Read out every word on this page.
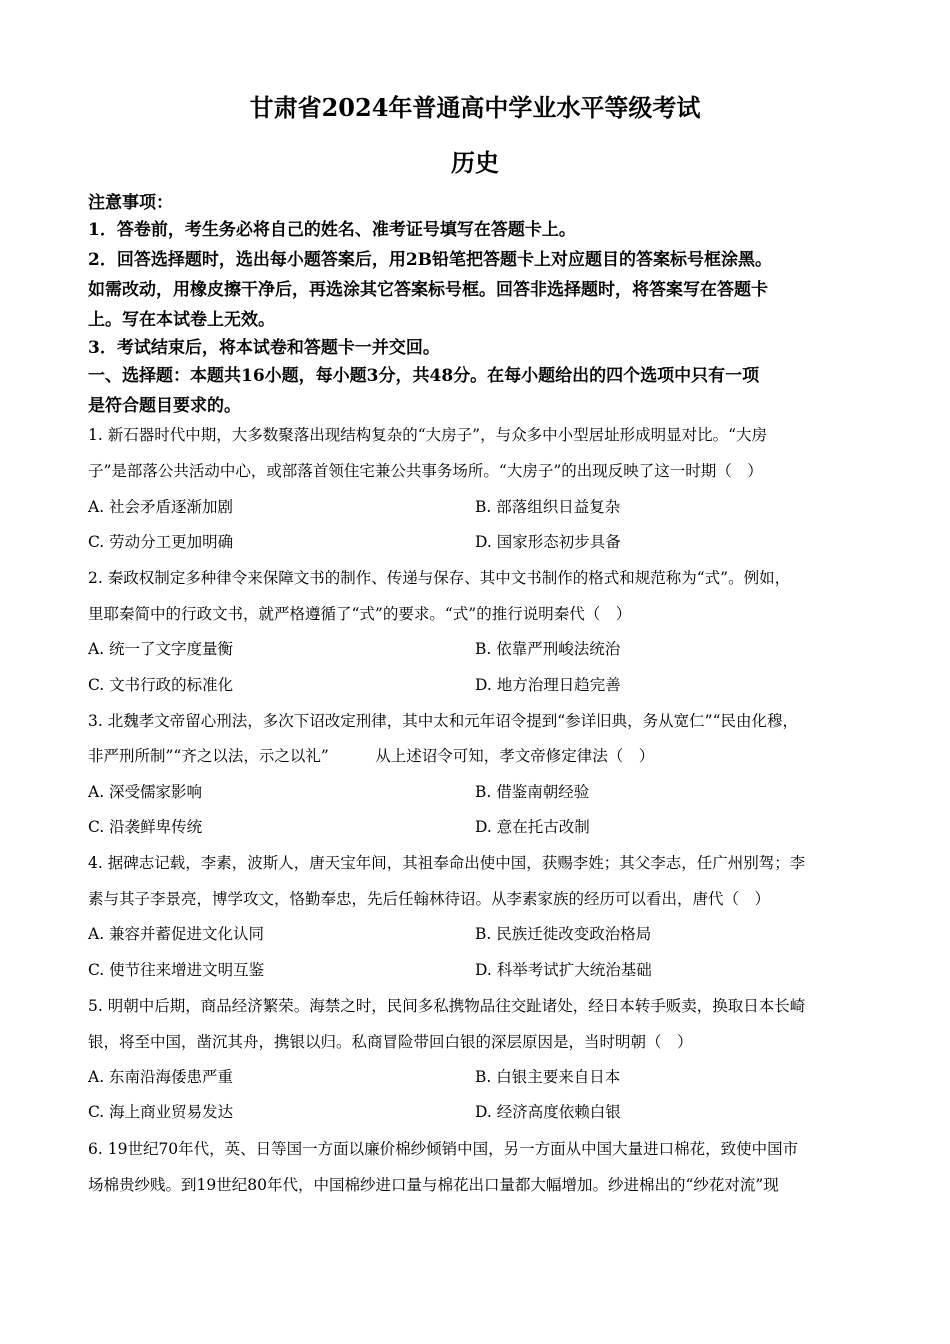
甘肃省2024年普通高中学业水平等级考试
历史
注意事项：
1．答卷前，考生务必将自己的姓名、准考证号填写在答题卡上。
2．回答选择题时，选出每小题答案后，用2B铅笔把答题卡上对应题目的答案标号框涂黑。
如需改动，用橡皮擦干净后，再选涂其它答案标号框。回答非选择题时，将答案写在答题卡
上。写在本试卷上无效。
3．考试结束后，将本试卷和答题卡一并交回。
一、选择题：本题共16小题，每小题3分，共48分。在每小题给出的四个选项中只有一项
是符合题目要求的。
1. 新石器时代中期，大多数聚落出现结构复杂的“大房子”，与众多中小型居址形成明显对比。“大房
子”是部落公共活动中心，或部落首领住宅兼公共事务场所。“大房子”的出现反映了这一时期（　）
A. 社会矛盾逐渐加剧	B. 部落组织日益复杂
C. 劳动分工更加明确	D. 国家形态初步具备
2. 秦政权制定多种律令来保障文书的制作、传递与保存、其中文书制作的格式和规范称为“式”。例如，
里耶秦简中的行政文书，就严格遵循了“式”的要求。“式”的推行说明秦代（　）
A. 统一了文字度量衡	B. 依靠严刑峻法统治
C. 文书行政的标准化	D. 地方治理日趋完善
3. 北魏孝文帝留心刑法，多次下诏改定刑律，其中太和元年诏令提到“参详旧典，务从宽仁”“民由化穆，
非严刑所制”“齐之以法，示之以礼”　　　从上述诏令可知，孝文帝修定律法（　）
A. 深受儒家影响	B. 借鉴南朝经验
C. 沿袭鲜卑传统	D. 意在托古改制
4. 据碑志记载，李素，波斯人，唐天宝年间，其祖奉命出使中国，获赐李姓；其父李志，任广州别驾；李
素与其子李景亮，博学攻文，恪勤奉忠，先后任翰林待诏。从李素家族的经历可以看出，唐代（　）
A. 兼容并蓄促进文化认同	B. 民族迁徙改变政治格局
C. 使节往来增进文明互鉴	D. 科举考试扩大统治基础
5. 明朝中后期，商品经济繁荣。海禁之时，民间多私携物品往交趾诸处，经日本转手贩卖，换取日本长崎
银，将至中国，凿沉其舟，携银以归。私商冒险带回白银的深层原因是，当时明朝（　）
A. 东南沿海倭患严重	B. 白银主要来自日本
C. 海上商业贸易发达	D. 经济高度依赖白银
6. 19世纪70年代，英、日等国一方面以廉价棉纱倾销中国，另一方面从中国大量进口棉花，致使中国市
场棉贵纱贱。到19世纪80年代，中国棉纱进口量与棉花出口量都大幅增加。纱进棉出的“纱花对流”现
